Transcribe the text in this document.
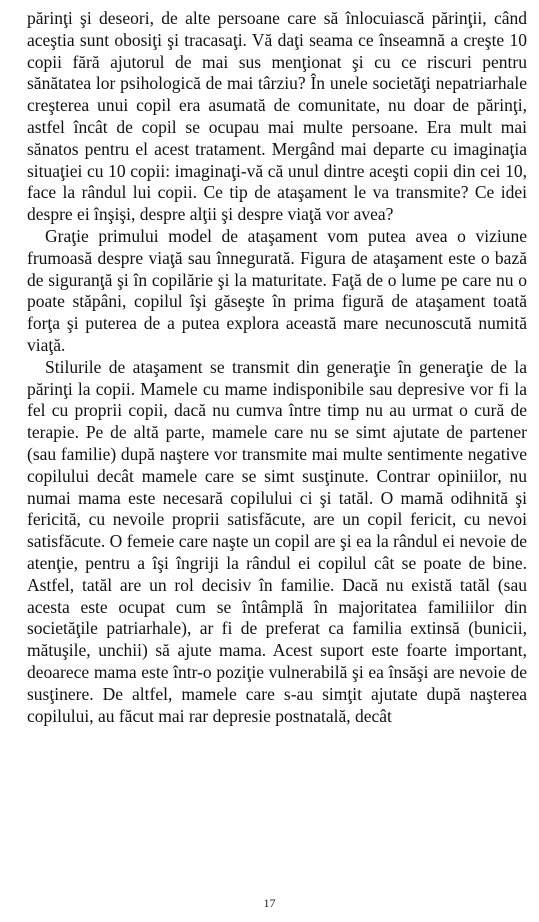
părinţi şi deseori, de alte persoane care să înlocuiască părinţii, când aceştia sunt obosiţi şi tracasaţi. Vă daţi seama ce înseamnă a creşte 10 copii fără ajutorul de mai sus menţionat şi cu ce riscuri pentru sănătatea lor psihologică de mai târziu? În unele societăţi nepatriarhale creşterea unui copil era asumată de comunitate, nu doar de părinţi, astfel încât de copil se ocupau mai multe persoane. Era mult mai sănatos pentru el acest tratament. Mergând mai departe cu imaginaţia situaţiei cu 10 copii: imaginaţi-vă că unul dintre aceşti copii din cei 10, face la rândul lui copii. Ce tip de ataşament le va transmite? Ce idei despre ei înşişi, despre alţii şi despre viaţă vor avea?

Graţie primului model de ataşament vom putea avea o viziune frumoasă despre viaţă sau înnegurată. Figura de ataşament este o bază de siguranţă şi în copilărie şi la maturitate. Faţă de o lume pe care nu o poate stăpâni, copilul îşi găseşte în prima figură de ataşament toată forţa şi puterea de a putea explora această mare necunoscută numită viaţă.

Stilurile de ataşament se transmit din generaţie în generaţie de la părinţi la copii. Mamele cu mame indisponibile sau depresive vor fi la fel cu proprii copii, dacă nu cumva între timp nu au urmat o cură de terapie. Pe de altă parte, mamele care nu se simt ajutate de partener (sau familie) după naştere vor transmite mai multe sentimente negative copilului decât mamele care se simt susţinute. Contrar opiniilor, nu numai mama este necesară copilului ci şi tatăl. O mamă odihnită şi fericită, cu nevoile proprii satisfăcute, are un copil fericit, cu nevoi satisfăcute. O femeie care naşte un copil are şi ea la rândul ei nevoie de atenţie, pentru a îşi îngriji la rândul ei copilul cât se poate de bine. Astfel, tatăl are un rol decisiv în familie. Dacă nu există tatăl (sau acesta este ocupat cum se întâmplă în majoritatea familiilor din societăţile patriarhale), ar fi de preferat ca familia extinsă (bunicii, mătuşile, unchii) să ajute mama. Acest suport este foarte important, deoarece mama este într-o poziţie vulnerabilă şi ea însăşi are nevoie de susţinere. De altfel, mamele care s-au simţit ajutate după naşterea copilului, au făcut mai rar depresie postnatală, decât

17
